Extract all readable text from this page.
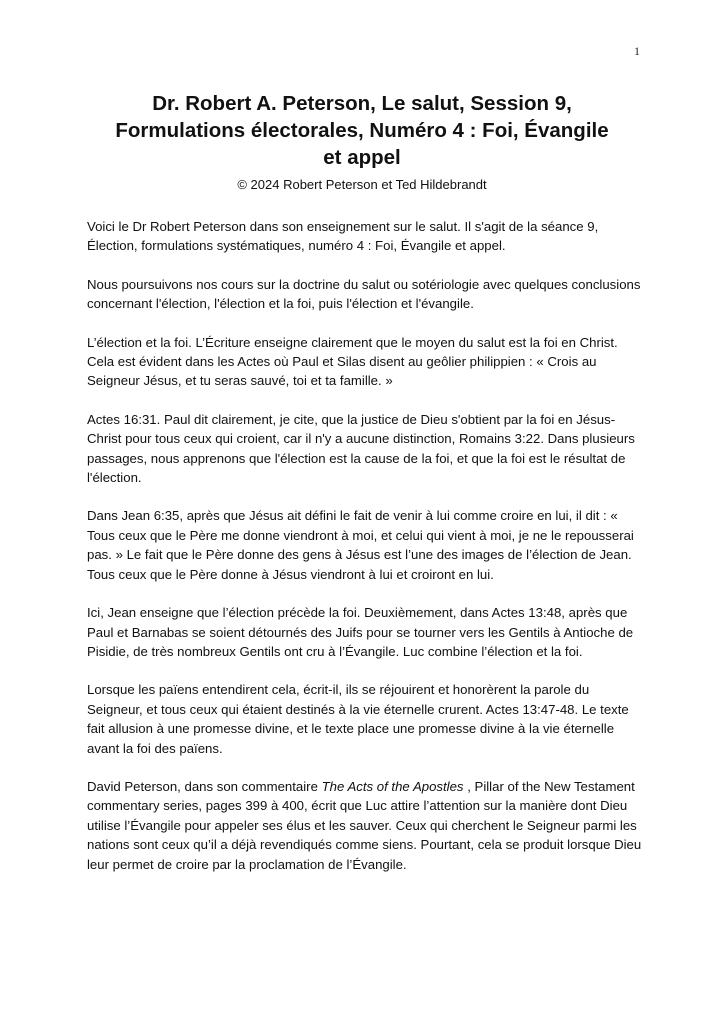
1
Dr. Robert A. Peterson, Le salut, Session 9,
Formulations électorales, Numéro 4 : Foi, Évangile
et appel
© 2024 Robert Peterson et Ted Hildebrandt

Voici le Dr Robert Peterson dans son enseignement sur le salut. Il s'agit de la séance 9, Élection, formulations systématiques, numéro 4 : Foi, Évangile et appel.

Nous poursuivons nos cours sur la doctrine du salut ou sotériologie avec quelques conclusions concernant l'élection, l'élection et la foi, puis l'élection et l'évangile.

L’élection et la foi. L’Écriture enseigne clairement que le moyen du salut est la foi en Christ. Cela est évident dans les Actes où Paul et Silas disent au geôlier philippien : « Crois au Seigneur Jésus, et tu seras sauvé, toi et ta famille. »

Actes 16:31. Paul dit clairement, je cite, que la justice de Dieu s'obtient par la foi en Jésus-Christ pour tous ceux qui croient, car il n'y a aucune distinction, Romains 3:22. Dans plusieurs passages, nous apprenons que l'élection est la cause de la foi, et que la foi est le résultat de l'élection.

Dans Jean 6:35, après que Jésus ait défini le fait de venir à lui comme croire en lui, il dit : « Tous ceux que le Père me donne viendront à moi, et celui qui vient à moi, je ne le repousserai pas. » Le fait que le Père donne des gens à Jésus est l’une des images de l’élection de Jean. Tous ceux que le Père donne à Jésus viendront à lui et croiront en lui.

Ici, Jean enseigne que l’élection précède la foi. Deuxièmement, dans Actes 13:48, après que Paul et Barnabas se soient détournés des Juifs pour se tourner vers les Gentils à Antioche de Pisidie, de très nombreux Gentils ont cru à l’Évangile. Luc combine l’élection et la foi.

Lorsque les païens entendirent cela, écrit-il, ils se réjouirent et honorèrent la parole du Seigneur, et tous ceux qui étaient destinés à la vie éternelle crurent. Actes 13:47-48. Le texte fait allusion à une promesse divine, et le texte place une promesse divine à la vie éternelle avant la foi des païens.

David Peterson, dans son commentaire The Acts of the Apostles , Pillar of the New Testament commentary series, pages 399 à 400, écrit que Luc attire l’attention sur la manière dont Dieu utilise l’Évangile pour appeler ses élus et les sauver. Ceux qui cherchent le Seigneur parmi les nations sont ceux qu’il a déjà revendiqués comme siens. Pourtant, cela se produit lorsque Dieu leur permet de croire par la proclamation de l’Évangile.
